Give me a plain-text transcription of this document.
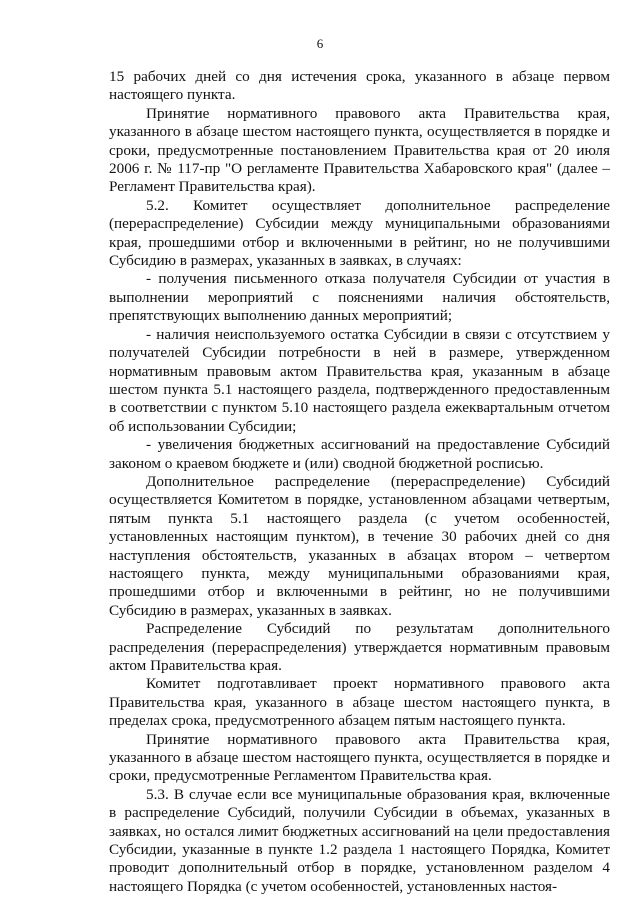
6

15 рабочих дней со дня истечения срока, указанного в абзаце первом настоящего пункта.

Принятие нормативного правового акта Правительства края, указанного в абзаце шестом настоящего пункта, осуществляется в порядке и сроки, предусмотренные постановлением Правительства края от 20 июля 2006 г. № 117-пр "О регламенте Правительства Хабаровского края" (далее – Регламент Правительства края).

5.2. Комитет осуществляет дополнительное распределение (перераспределение) Субсидии между муниципальными образованиями края, прошедшими отбор и включенными в рейтинг, но не получившими Субсидию в размерах, указанных в заявках, в случаях:

- получения письменного отказа получателя Субсидии от участия в выполнении мероприятий с пояснениями наличия обстоятельств, препятствующих выполнению данных мероприятий;

- наличия неиспользуемого остатка Субсидии в связи с отсутствием у получателей Субсидии потребности в ней в размере, утвержденном нормативным правовым актом Правительства края, указанным в абзаце шестом пункта 5.1 настоящего раздела, подтвержденного предоставленным в соответствии с пунктом 5.10 настоящего раздела ежеквартальным отчетом об использовании Субсидии;

- увеличения бюджетных ассигнований на предоставление Субсидий законом о краевом бюджете и (или) сводной бюджетной росписью.

Дополнительное распределение (перераспределение) Субсидий осуществляется Комитетом в порядке, установленном абзацами четвертым, пятым пункта 5.1 настоящего раздела (с учетом особенностей, установленных настоящим пунктом), в течение 30 рабочих дней со дня наступления обстоятельств, указанных в абзацах втором – четвертом настоящего пункта, между муниципальными образованиями края, прошедшими отбор и включенными в рейтинг, но не получившими Субсидию в размерах, указанных в заявках.

Распределение Субсидий по результатам дополнительного распределения (перераспределения) утверждается нормативным правовым актом Правительства края.

Комитет подготавливает проект нормативного правового акта Правительства края, указанного в абзаце шестом настоящего пункта, в пределах срока, предусмотренного абзацем пятым настоящего пункта.

Принятие нормативного правового акта Правительства края, указанного в абзаце шестом настоящего пункта, осуществляется в порядке и сроки, предусмотренные Регламентом Правительства края.

5.3. В случае если все муниципальные образования края, включенные в распределение Субсидий, получили Субсидии в объемах, указанных в заявках, но остался лимит бюджетных ассигнований на цели предоставления Субсидии, указанные в пункте 1.2 раздела 1 настоящего Порядка, Комитет проводит дополнительный отбор в порядке, установленном разделом 4 настоящего Порядка (с учетом особенностей, установленных настоя-
